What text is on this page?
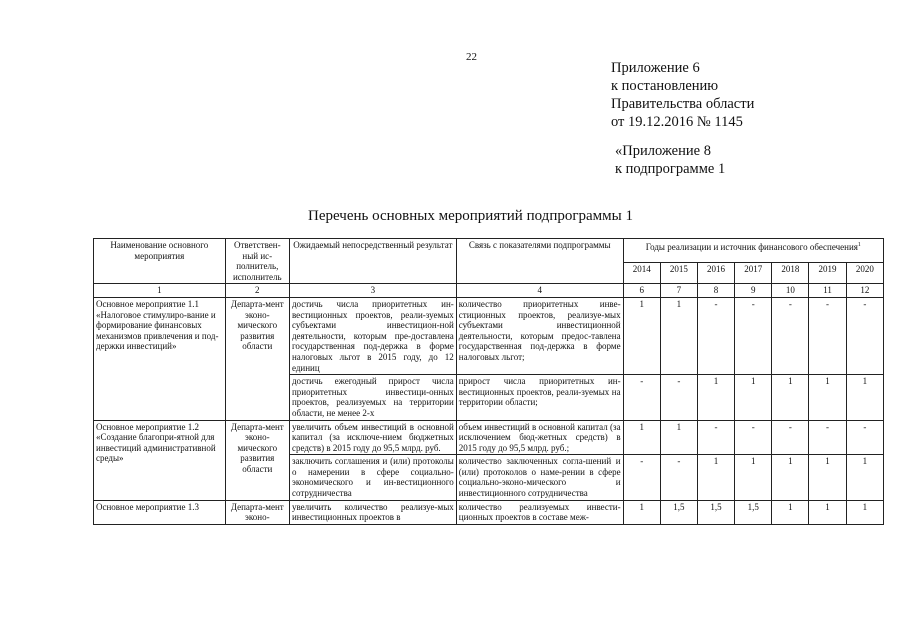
22
Приложение 6
к постановлению
Правительства области
от 19.12.2016 № 1145
«Приложение 8
к подпрограмме 1
Перечень основных мероприятий подпрограммы 1
Наименование основного мероприятия	Ответствен-ный ис-полнитель, исполнитель	Ожидаемый непосредственный результат	Связь с показателями подпрограммы	Годы реализации и источник финансового обеспечения$^1$
				2014	2015	2016	2017	2018	2019	2020
1	2	3	4	6	7	8	9	10	11	12
Основное мероприятие 1.1 «Налоговое стимулиро-вание и формирование финансовых механизмов привлечения и под-держки инвестиций»	Департа-мент эконо-мического развития области	достичь числа приоритетных ин-вестиционных проектов, реали-зуемых субъектами инвестицион-ной деятельности, которым пре-доставлена государственная под-держка в форме налоговых льгот в 2015 году, до 12 единиц	количество приоритетных инве-стиционных проектов, реализуе-мых субъектами инвестиционной деятельности, которым предос-тавлена государственная под-держка в форме налоговых льгот;	1	1	-	-	-	-	-
		достичь ежегодный прирост числа приоритетных инвестици-онных проектов, реализуемых на территории области, не менее 2-х	прирост числа приоритетных ин-вестиционных проектов, реали-зуемых на территории области;	-	-	1	1	1	1	1
Основное мероприятие 1.2 «Создание благопри-ятной для инвестиций административной среды»	Департа-мент эконо-мического развития области	увеличить объем инвестиций в основной капитал (за исключе-нием бюджетных средств) в 2015 году до 95,5 млрд. руб.	объем инвестиций в основной капитал (за исключением бюд-жетных средств) в 2015 году до 95,5 млрд. руб.;	1	1	-	-	-	-	-
		заключить соглашения и (или) протоколы о намерении в сфере социально-экономического и ин-вестиционного сотрудничества	количество заключенных согла-шений и (или) протоколов о наме-рении в сфере социально-эконо-мического и инвестиционного сотрудничества	-	-	1	1	1	1	1
Основное мероприятие 1.3	Департа-мент эконо-	увеличить количество реализуе-мых инвестиционных проектов в	количество реализуемых инвести-ционных проектов в составе меж-	1	1,5	1,5	1,5	1	1	1
